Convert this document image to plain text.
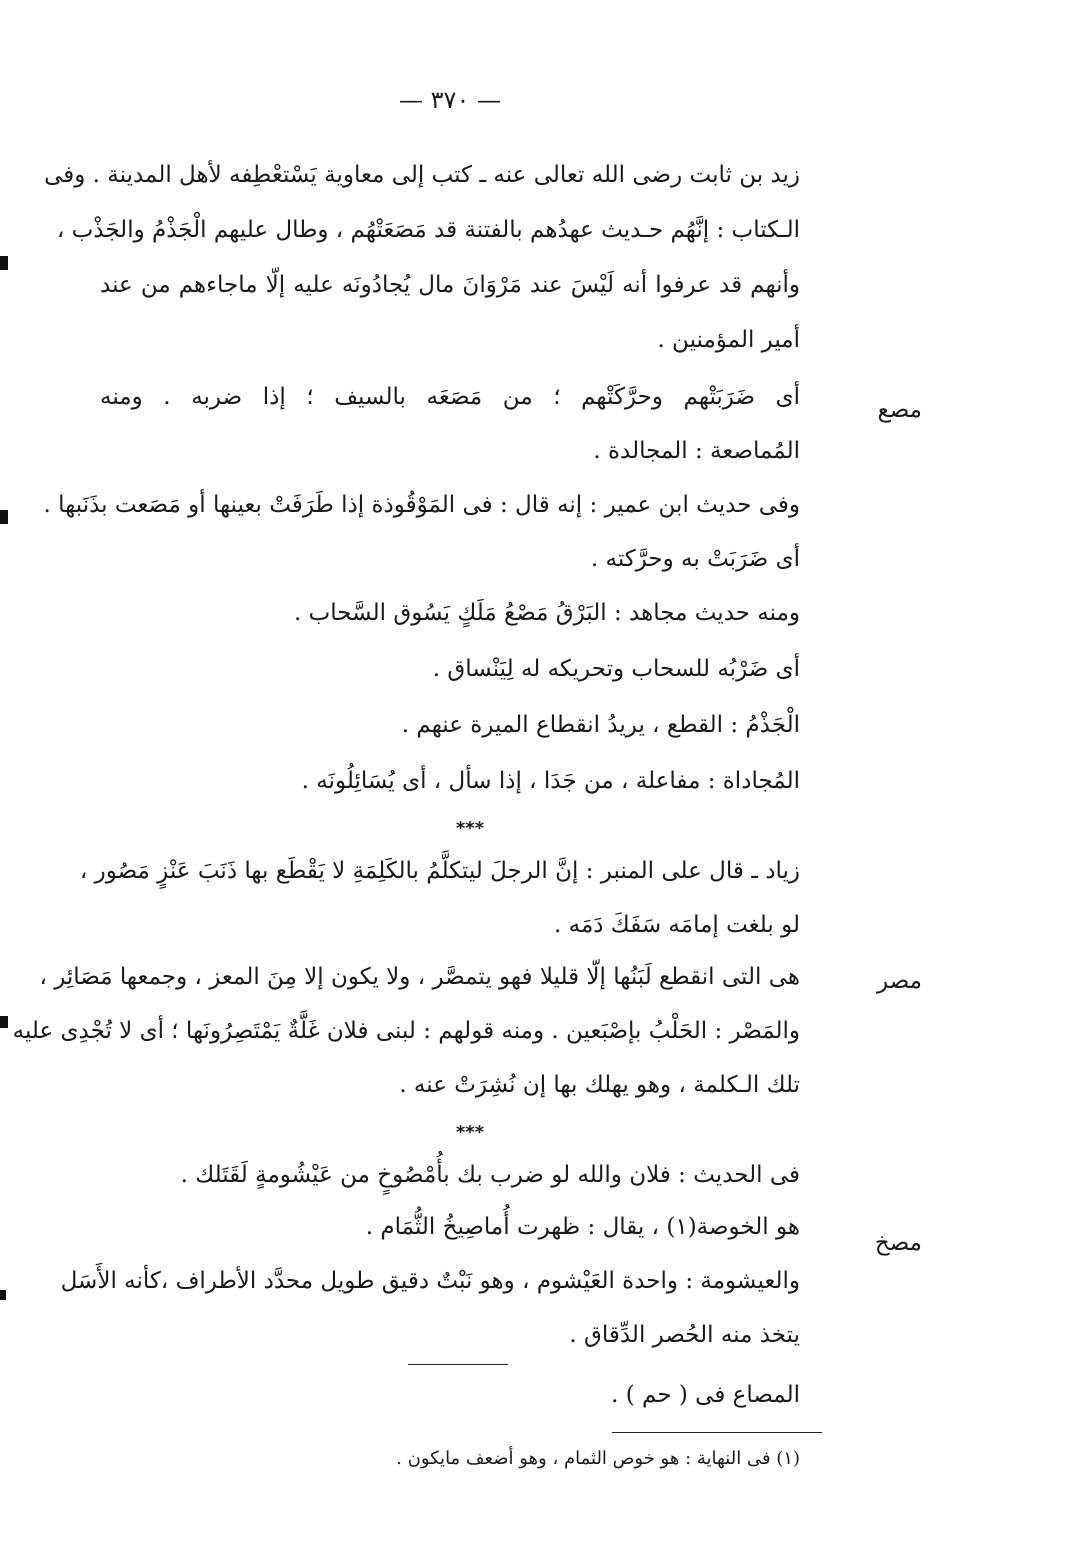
— ٣٧٠ —
زيد بن ثابت رضى الله تعالى عنه ـ كتب إلى معاوية يَسْتعْطِفه لأهل المدينة . وفى
الـكتاب : إنَّهُم حـديث عهدُهم بالفتنة قد مَصَعَتْهُم ، وطال عليهم الْجَذْمُ والجَذْب ،
وأنهم قد عرفوا أنه لَيْسَ عند مَرْوَانَ مال يُجادُونَه عليه إلّا ماجاءهم من عند
أمير المؤمنين .
مصع
أى ضَرَبَتْهم وحرَّكَتْهم ؛ من مَصَعَه بالسيف ؛ إذا ضربه . ومنه
المُماصعة : المجالدة .
وفى حديث ابن عمير : إنه قال : فى المَوْقُوذة إذا طَرَفَتْ بعينها أو مَصَعت بذَنَبها .
أى ضَرَبَتْ به وحرَّكته .
ومنه حديث مجاهد : البَرْقُ مَصْعُ مَلَكٍ يَسُوق السَّحاب .
أى ضَرْبُه للسحاب وتحريكه له لِيَنْساق .
الْجَذْمُ : القطع ، يريدُ انقطاع الميرة عنهم .
المُجاداة : مفاعلة ، من جَدَا ، إذا سأل ، أى يُسَائِلُونَه .
***
زياد ـ قال على المنبر : إنَّ الرجلَ ليتكلَّمُ بالكَلِمَةِ لا يَقْطَع بها ذَنَبَ عَنْزٍ مَصُور ،
لو بلغت إمامَه سَفَكَ دَمَه .
مصر
هى التى انقطع لَبَنُها إلّا قليلا فهو يتمصَّر ، ولا يكون إلا مِنَ المعز ، وجمعها مَصَائِر ،
والمَصْر : الحَلْبُ بإصْبَعين . ومنه قولهم : لبنى فلان غَلَّةٌ يَمْتَصِرُونَها ؛ أى لا تُجْدِى عليه
تلك الـكلمة ، وهو يهلك بها إن نُشِرَتْ عنه .
***
مصخ
فى الحديث : فلان والله لو ضرب بك بأُمْصُوخٍ من عَيْشُومةٍ لَقَتَلك .
هو الخوصة(١) ، يقال : ظهرت أُماصِيخُ الثُّمَام .
والعيشومة : واحدة العَيْشوم ، وهو نَبْتٌ دقيق طويل محدَّد الأطراف ،كأنه الأَسَل
يتخذ منه الحُصر الدِّقاق .
المصاع فى ( حم ) .
(١) فى النهاية : هو خوص الثمام ، وهو أضعف مايكون .
